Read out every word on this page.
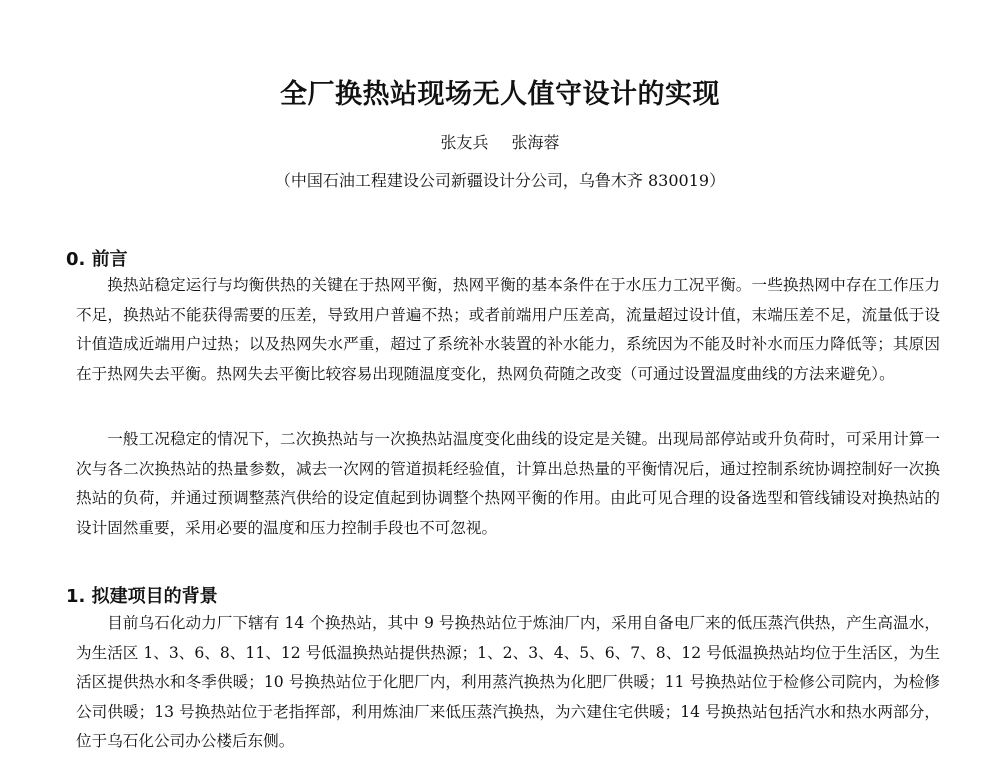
全厂换热站现场无人值守设计的实现
张友兵 张海蓉
（中国石油工程建设公司新疆设计分公司，乌鲁木齐 830019）
0. 前言

换热站稳定运行与均衡供热的关键在于热网平衡，热网平衡的基本条件在于水压力工况平衡。一些换热网中存在工作压力不足，换热站不能获得需要的压差，导致用户普遍不热；或者前端用户压差高，流量超过设计值，末端压差不足，流量低于设计值造成近端用户过热；以及热网失水严重，超过了系统补水装置的补水能力，系统因为不能及时补水而压力降低等；其原因在于热网失去平衡。热网失去平衡比较容易出现随温度变化，热网负荷随之改变（可通过设置温度曲线的方法来避免）。

一般工况稳定的情况下，二次换热站与一次换热站温度变化曲线的设定是关键。出现局部停站或升负荷时，可采用计算一次与各二次换热站的热量参数，减去一次网的管道损耗经验值，计算出总热量的平衡情况后，通过控制系统协调控制好一次换热站的负荷，并通过预调整蒸汽供给的设定值起到协调整个热网平衡的作用。由此可见合理的设备选型和管线铺设对换热站的设计固然重要，采用必要的温度和压力控制手段也不可忽视。

1. 拟建项目的背景

目前乌石化动力厂下辖有 14 个换热站，其中 9 号换热站位于炼油厂内，采用自备电厂来的低压蒸汽供热，产生高温水，为生活区 1、3、6、8、11、12 号低温换热站提供热源；1、2、3、4、5、6、7、8、12 号低温换热站均位于生活区，为生活区提供热水和冬季供暖；10 号换热站位于化肥厂内，利用蒸汽换热为化肥厂供暖；11 号换热站位于检修公司院内，为检修公司供暖；13 号换热站位于老指挥部，利用炼油厂来低压蒸汽换热，为六建住宅供暖；14 号换热站包括汽水和热水两部分，位于乌石化公司办公楼后东侧。
